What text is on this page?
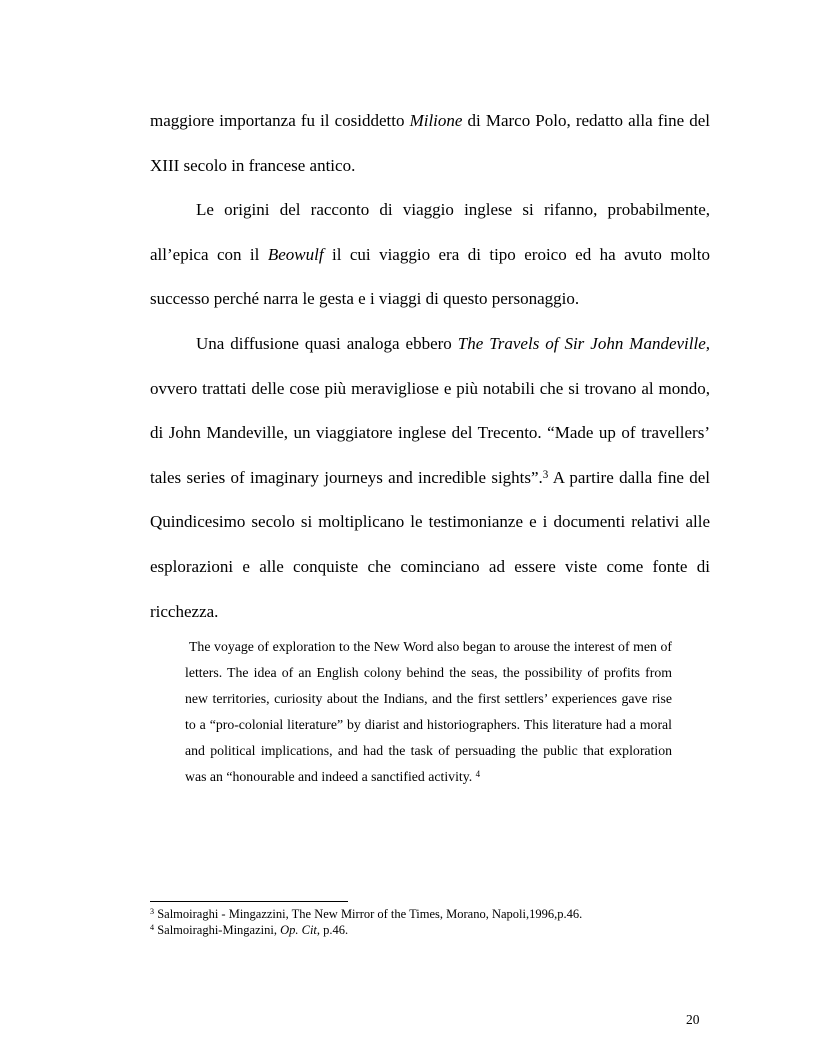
maggiore importanza fu il cosiddetto Milione di Marco Polo, redatto alla fine del XIII secolo in francese antico.

Le origini del racconto di viaggio inglese si rifanno, probabilmente, all’epica con il Beowulf il cui viaggio era di tipo eroico ed ha avuto molto successo perché narra le gesta e i viaggi di questo personaggio.

Una diffusione quasi analoga ebbero The Travels of Sir John Mandeville, ovvero trattati delle cose più meravigliose e più notabili che si trovano al mondo, di John Mandeville, un viaggiatore inglese del Trecento. “Made up of travellers’ tales series of imaginary journeys and incredible sights”.$^3$ A partire dalla fine del Quindicesimo secolo si moltiplicano le testimonianze e i documenti relativi alle esplorazioni e alle conquiste che cominciano ad essere viste come fonte di ricchezza.

The voyage of exploration to the New Word also began to arouse the interest of men of letters. The idea of an English colony behind the seas, the possibility of profits from new territories, curiosity about the Indians, and the first settlers’ experiences gave rise to a “pro-colonial literature” by diarist and historiographers. This literature had a moral and political implications, and had the task of persuading the public that exploration was an “honourable and indeed a sanctified activity. $^4$

$^3$ Salmoiraghi - Mingazzini, The New Mirror of the Times, Morano, Napoli,1996,p.46.

$^4$ Salmoiraghi-Mingazini, Op. Cit, p.46.

20
